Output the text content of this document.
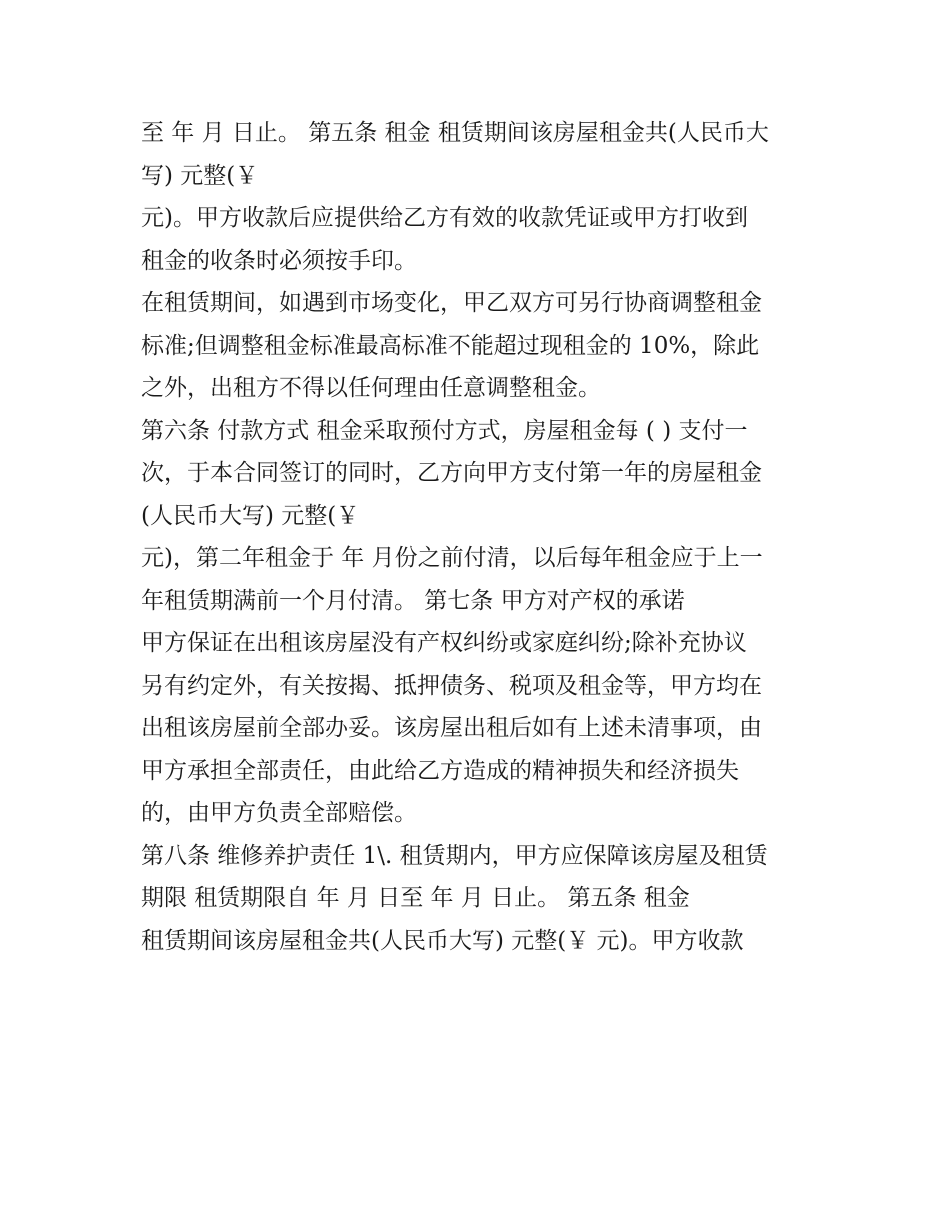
至 年 月 日止。 第五条 租金 租赁期间该房屋租金共(人民币大
写) 元整(￥
元)。甲方收款后应提供给乙方有效的收款凭证或甲方打收到
租金的收条时必须按手印。
在租赁期间，如遇到市场变化，甲乙双方可另行协商调整租金
标准;但调整租金标准最高标准不能超过现租金的 10%，除此
之外，出租方不得以任何理由任意调整租金。
第六条 付款方式 租金采取预付方式，房屋租金每 ( ) 支付一
次，于本合同签订的同时，乙方向甲方支付第一年的房屋租金
(人民币大写) 元整(￥
元)，第二年租金于 年 月份之前付清，以后每年租金应于上一
年租赁期满前一个月付清。 第七条 甲方对产权的承诺
甲方保证在出租该房屋没有产权纠纷或家庭纠纷;除补充协议
另有约定外，有关按揭、抵押债务、税项及租金等，甲方均在
出租该房屋前全部办妥。该房屋出租后如有上述未清事项，由
甲方承担全部责任，由此给乙方造成的精神损失和经济损失
的，由甲方负责全部赔偿。
第八条 维修养护责任 1\. 租赁期内，甲方应保障该房屋及租赁
期限 租赁期限自 年 月 日至 年 月 日止。 第五条 租金
租赁期间该房屋租金共(人民币大写) 元整(￥ 元)。甲方收款
